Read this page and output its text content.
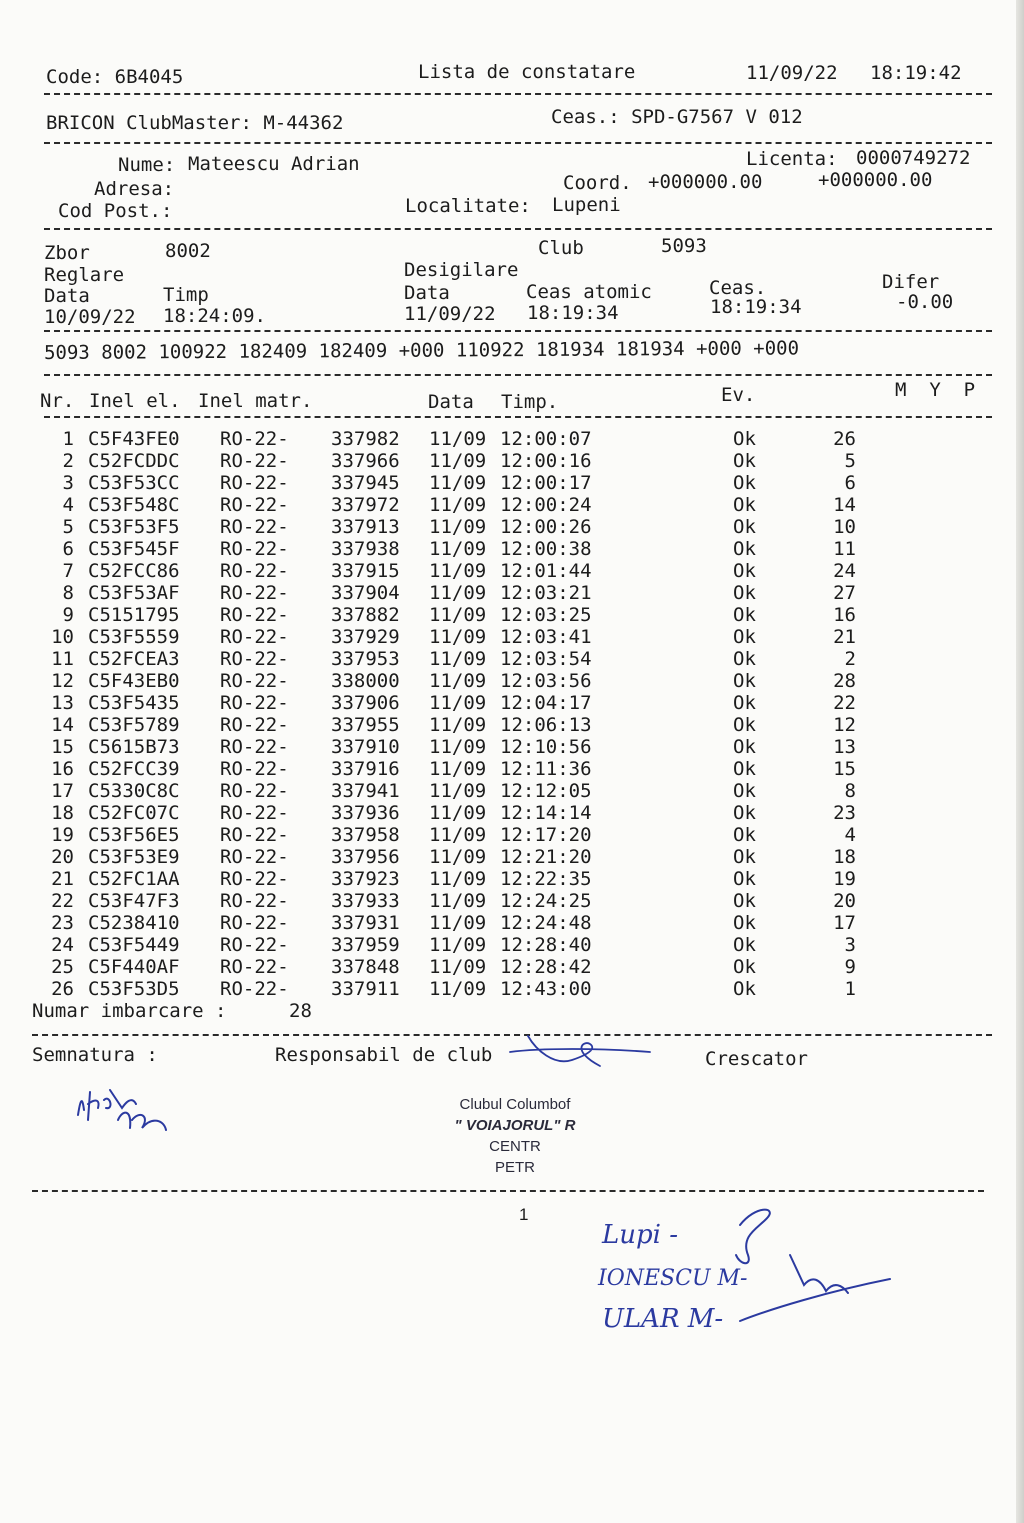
Code: 6B4045	Lista de constatare	11/09/22 18:19:42
BRICON ClubMaster: M-44362	Ceas.: SPD-G7567 V 012
Nume: Mateescu Adrian	Licenta: 0000749272
Adresa:	Coord. +000000.00	+000000.00
Cod Post.:	Localitate: Lupeni
Zbor	8002	Club	5093
Reglare	Desigilare
Data	Timp	Data	Ceas atomic	Ceas.	Difer
10/09/22 18:24:09.	11/09/22 18:19:34	18:19:34	-0.00
5093 8002 100922 182409 182409 +000 110922 181934 181934 +000 +000
Nr. Inel el. Inel matr.	Data Timp.	Ev.	M  Y  P
1 C5F43FE0 RO-22- 337982 11/09 12:00:07	Ok	26
2 C52FCDDC RO-22- 337966 11/09 12:00:16	Ok	5
3 C53F53CC RO-22- 337945 11/09 12:00:17	Ok	6
4 C53F548C RO-22- 337972 11/09 12:00:24	Ok	14
5 C53F53F5 RO-22- 337913 11/09 12:00:26	Ok	10
6 C53F545F RO-22- 337938 11/09 12:00:38	Ok	11
7 C52FCC86 RO-22- 337915 11/09 12:01:44	Ok	24
8 C53F53AF RO-22- 337904 11/09 12:03:21	Ok	27
9 C5151795 RO-22- 337882 11/09 12:03:25	Ok	16
10 C53F5559 RO-22- 337929 11/09 12:03:41	Ok	21
11 C52FCEA3 RO-22- 337953 11/09 12:03:54	Ok	2
12 C5F43EB0 RO-22- 338000 11/09 12:03:56	Ok	28
13 C53F5435 RO-22- 337906 11/09 12:04:17	Ok	22
14 C53F5789 RO-22- 337955 11/09 12:06:13	Ok	12
15 C5615B73 RO-22- 337910 11/09 12:10:56	Ok	13
16 C52FCC39 RO-22- 337916 11/09 12:11:36	Ok	15
17 C5330C8C RO-22- 337941 11/09 12:12:05	Ok	8
18 C52FC07C RO-22- 337936 11/09 12:14:14	Ok	23
19 C53F56E5 RO-22- 337958 11/09 12:17:20	Ok	4
20 C53F53E9 RO-22- 337956 11/09 12:21:20	Ok	18
21 C52FC1AA RO-22- 337923 11/09 12:22:35	Ok	19
22 C53F47F3 RO-22- 337933 11/09 12:24:25	Ok	20
23 C5238410 RO-22- 337931 11/09 12:24:48	Ok	17
24 C53F5449 RO-22- 337959 11/09 12:28:40	Ok	3
25 C5F440AF RO-22- 337848 11/09 12:28:42	Ok	9
26 C53F53D5 RO-22- 337911 11/09 12:43:00	Ok	1
Numar imbarcare :	28
Semnatura :	Responsabil de club	Crescator
Clubul Columbof
" VOIAJORUL" R
CENTR
PETR
1
Lupi -
IONESCU M-
ULAR M-
